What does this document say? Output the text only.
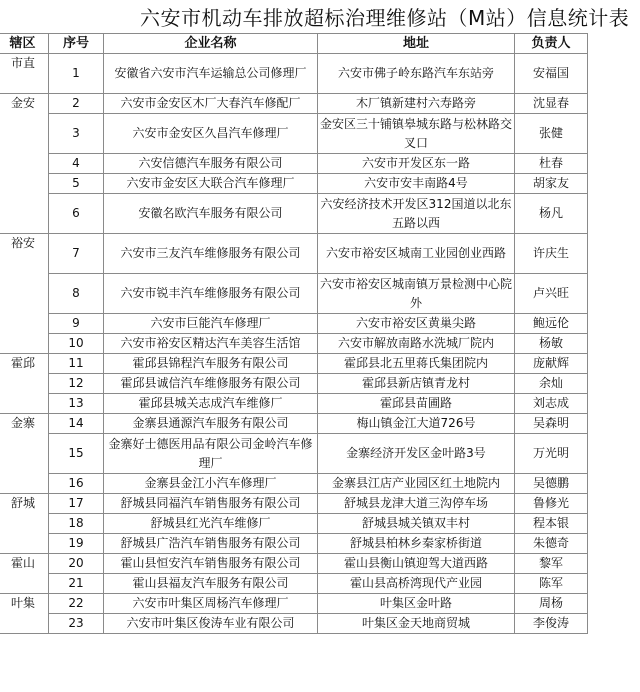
六安市机动车排放超标治理维修站（M站）信息统计表
辖区	序号	企业名称	地址	负责人
市直	1	安徽省六安市汽车运输总公司修理厂	六安市佛子岭东路汽车东站旁	安福国
金安	2	六安市金安区木厂大春汽车修配厂	木厂镇新建村六寿路旁	沈显春
	3	六安市金安区久昌汽车修理厂	金安区三十铺镇皋城东路与松林路交叉口	张健
	4	六安信德汽车服务有限公司	六安市开发区东一路	杜春
	5	六安市金安区大联合汽车修理厂	六安市安丰南路4号	胡家友
	6	安徽名欧汽车服务有限公司	六安经济技术开发区312国道以北东五路以西	杨凡
裕安	7	六安市三友汽车维修服务有限公司	六安市裕安区城南工业园创业西路	许庆生
	8	六安市锐丰汽车维修服务有限公司	六安市裕安区城南镇万景检测中心院外	卢兴旺
	9	六安市巨能汽车修理厂	六安市裕安区黄巢尖路	鲍远伦
	10	六安市裕安区精达汽车美容生活馆	六安市解放南路水洗城厂院内	杨敏
霍邱	11	霍邱县锦程汽车服务有限公司	霍邱县北五里蒋氏集团院内	庞献辉
	12	霍邱县诚信汽车维修服务有限公司	霍邱县新店镇青龙村	余灿
	13	霍邱县城关志成汽车维修厂	霍邱县苗圃路	刘志成
金寨	14	金寨县通源汽车服务有限公司	梅山镇金江大道726号	吴森明
	15	金寨好士德医用品有限公司金岭汽车修理厂	金寨经济开发区金叶路3号	万光明
	16	金寨县金江小汽车修理厂	金寨县江店产业园区红土地院内	吴德鹏
舒城	17	舒城县同福汽车销售服务有限公司	舒城县龙津大道三沟停车场	鲁修光
	18	舒城县红光汽车维修厂	舒城县城关镇双丰村	程本银
	19	舒城县广浩汽车销售服务有限公司	舒城县柏林乡秦家桥街道	朱德奇
霍山	20	霍山县恒安汽车销售服务有限公司	霍山县衡山镇迎驾大道西路	黎军
	21	霍山县福友汽车服务有限公司	霍山县高桥湾现代产业园	陈军
叶集	22	六安市叶集区周杨汽车修理厂	叶集区金叶路	周杨
	23	六安市叶集区俊涛车业有限公司	叶集区金天地商贸城	李俊涛
